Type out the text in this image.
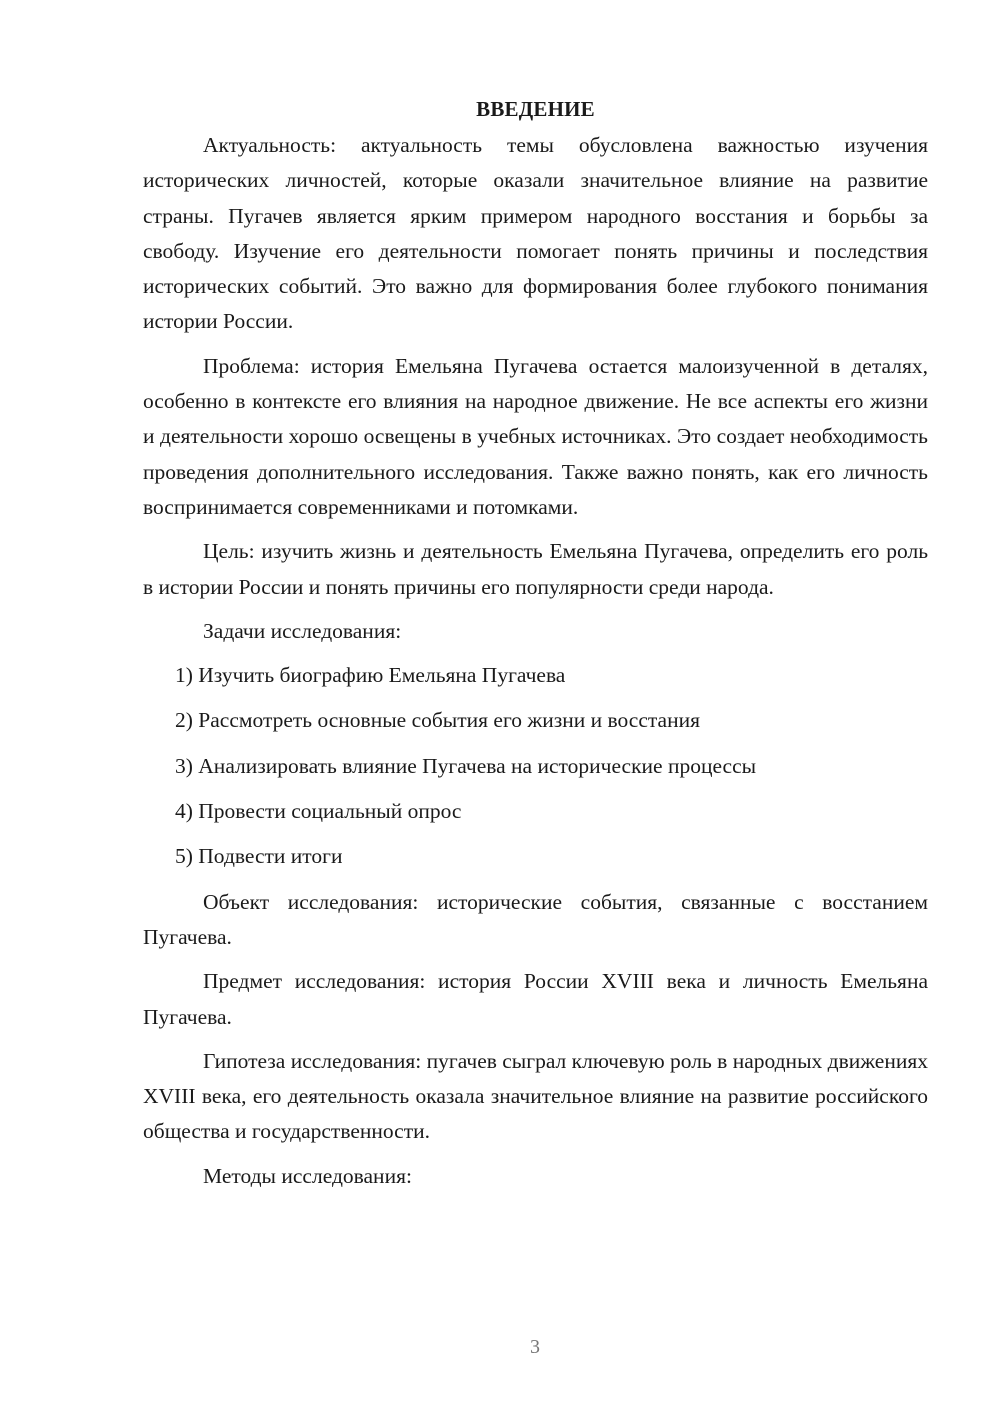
ВВЕДЕНИЕ

Актуальность: актуальность темы обусловлена важностью изучения исторических личностей, которые оказали значительное влияние на развитие страны. Пугачев является ярким примером народного восстания и борьбы за свободу. Изучение его деятельности помогает понять причины и последствия исторических событий. Это важно для формирования более глубокого понимания истории России.

Проблема: история Емельяна Пугачева остается малоизученной в деталях, особенно в контексте его влияния на народное движение. Не все аспекты его жизни и деятельности хорошо освещены в учебных источниках. Это создает необходимость проведения дополнительного исследования. Также важно понять, как его личность воспринимается современниками и потомками.

Цель: изучить жизнь и деятельность Емельяна Пугачева, определить его роль в истории России и понять причины его популярности среди народа.

Задачи исследования:

1) Изучить биографию Емельяна Пугачева
2) Рассмотреть основные события его жизни и восстания
3) Анализировать влияние Пугачева на исторические процессы
4) Провести социальный опрос
5) Подвести итоги

Объект исследования: исторические события, связанные с восстанием Пугачева.

Предмет исследования: история России XVIII века и личность Емельяна Пугачева.

Гипотеза исследования: пугачев сыграл ключевую роль в народных движениях XVIII века, его деятельность оказала значительное влияние на развитие российского общества и государственности.

Методы исследования:

3
